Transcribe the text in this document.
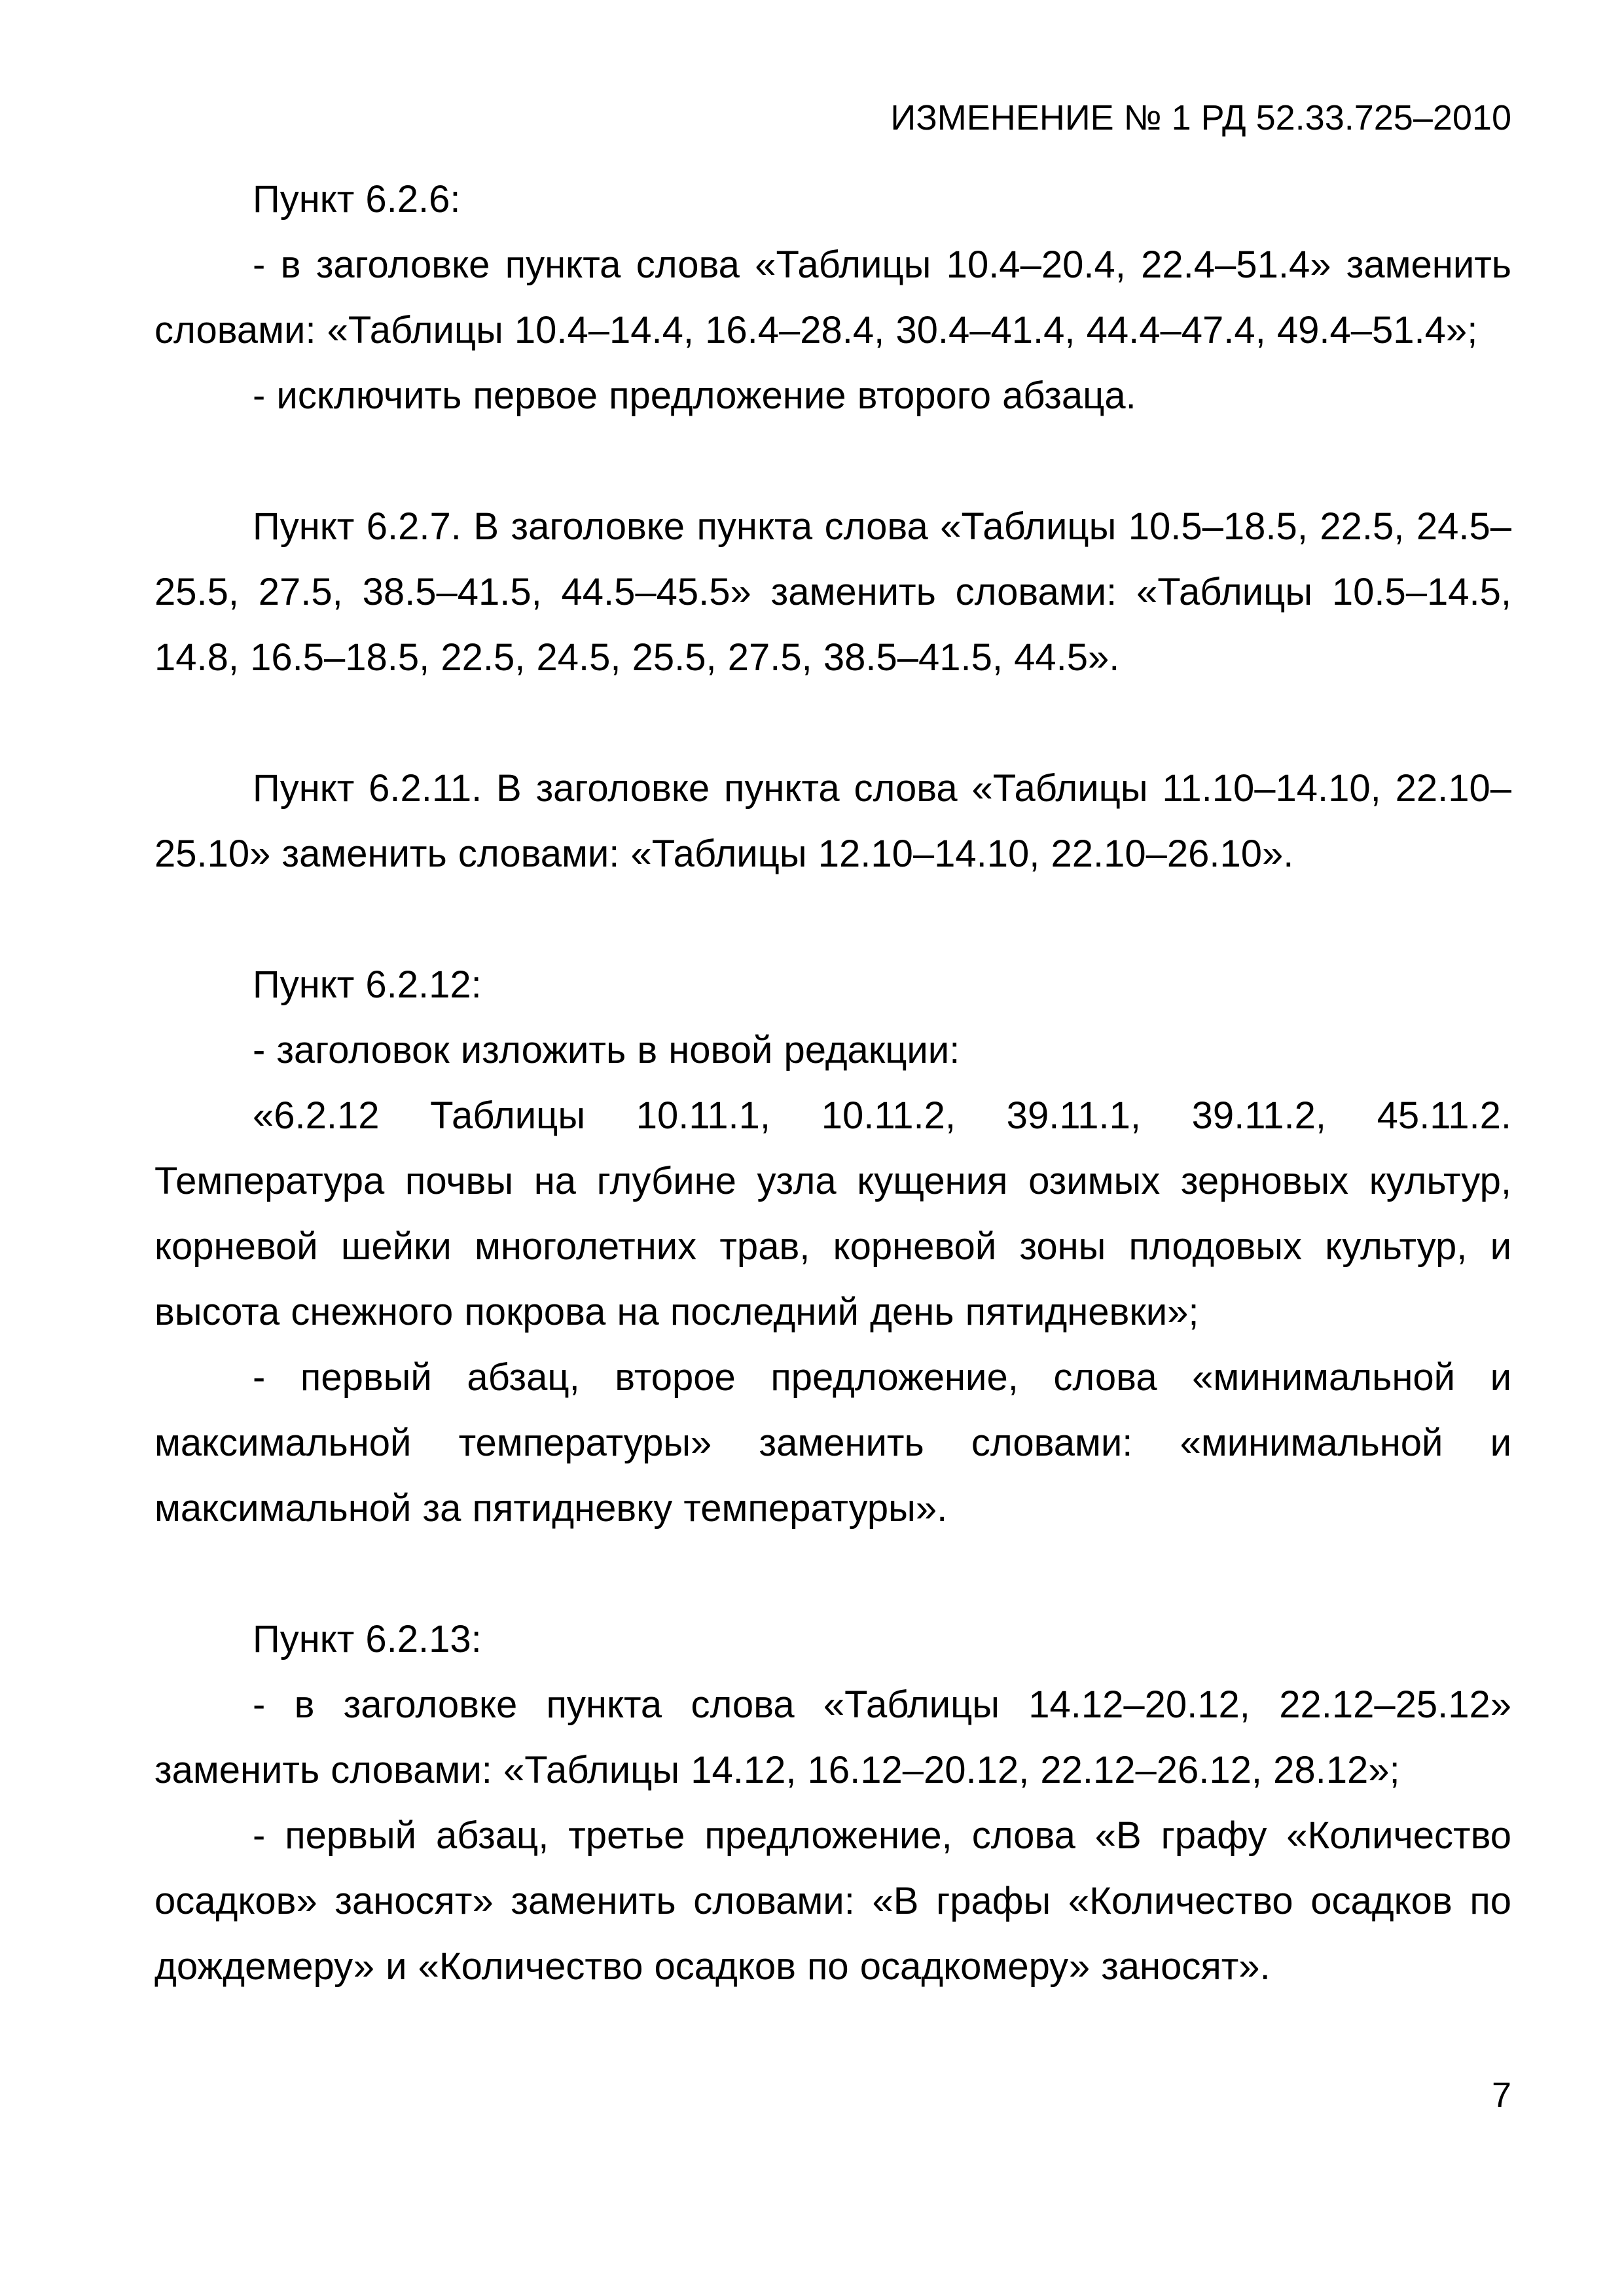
ИЗМЕНЕНИЕ № 1 РД 52.33.725–2010

Пункт 6.2.6:

- в заголовке пункта слова «Таблицы 10.4–20.4, 22.4–51.4» заменить словами: «Таблицы 10.4–14.4, 16.4–28.4, 30.4–41.4, 44.4–47.4, 49.4–51.4»;

- исключить первое предложение второго абзаца.

Пункт 6.2.7. В заголовке пункта слова «Таблицы 10.5–18.5, 22.5, 24.5–25.5, 27.5, 38.5–41.5, 44.5–45.5» заменить словами: «Таблицы 10.5–14.5, 14.8, 16.5–18.5, 22.5, 24.5, 25.5, 27.5, 38.5–41.5, 44.5».

Пункт 6.2.11. В заголовке пункта слова «Таблицы 11.10–14.10, 22.10–25.10» заменить словами: «Таблицы 12.10–14.10, 22.10–26.10».

Пункт 6.2.12:

- заголовок изложить в новой редакции:

«6.2.12 Таблицы 10.11.1, 10.11.2, 39.11.1, 39.11.2, 45.11.2. Температура почвы на глубине узла кущения озимых зерновых культур, корневой шейки многолетних трав, корневой зоны плодовых культур, и высота снежного покрова на последний день пятидневки»;

- первый абзац, второе предложение, слова «минимальной и максимальной температуры» заменить словами: «минимальной и максимальной за пятидневку температуры».

Пункт 6.2.13:

- в заголовке пункта слова «Таблицы 14.12–20.12, 22.12–25.12» заменить словами: «Таблицы 14.12, 16.12–20.12, 22.12–26.12, 28.12»;

- первый абзац, третье предложение, слова «В графу «Количество осадков» заносят» заменить словами: «В графы «Количество осадков по дождемеру» и «Количество осадков по осадкомеру» заносят».

7
